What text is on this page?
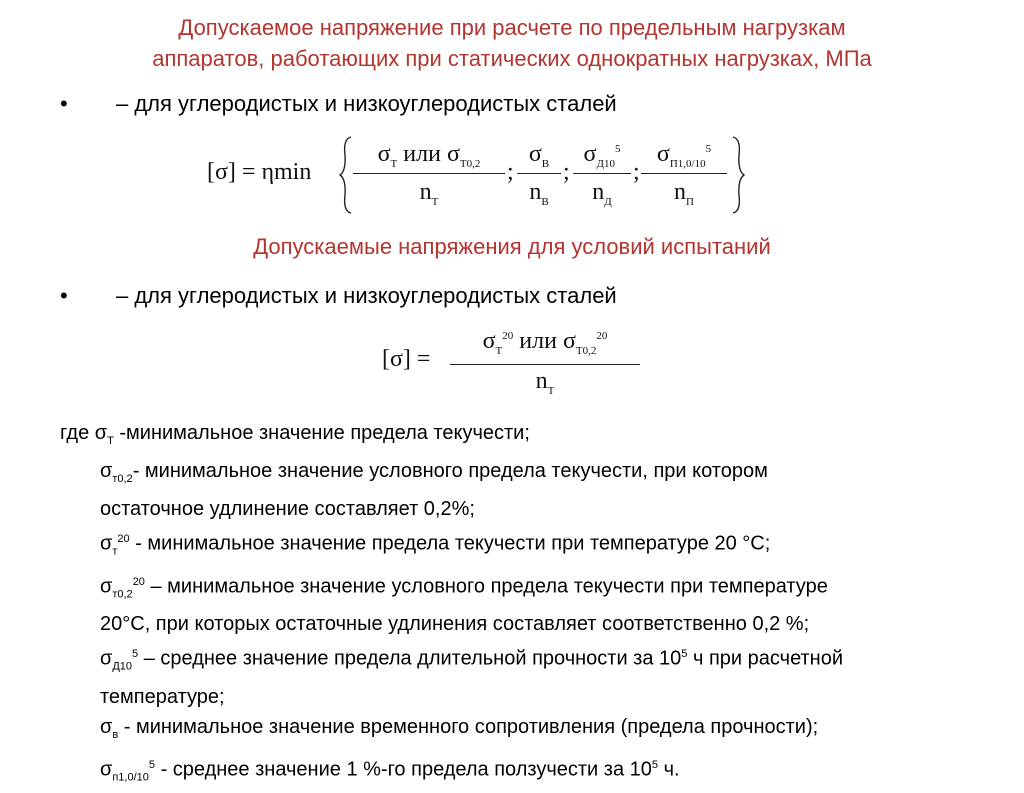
Допускаемое напряжение при расчете по предельным нагрузкам
аппаратов, работающих при статических однократных нагрузках, МПа
• – для углеродистых и низкоуглеродистых сталей
[σ] = ηmin
$\sigma_Т$ или $\sigma_{Т0,2}$
$n_Т$
;
$\sigma_В$
$n_В$
;
$\sigma_{Д10}^5$
$n_Д$
;
$\sigma_{П1,0/10}^5$
$n_П$
Допускаемые напряжения для условий испытаний
• – для углеродистых и низкоуглеродистых сталей
[σ] =
$\sigma_Т^{20}$ или $\sigma_{Т0,2}^{20}$
$n_Т$
где $\sigma_Т$ -минимальное значение предела текучести;
$\sigma_{т0,2}-$ минимальное значение условного предела текучести, при котором
остаточное удлинение составляет 0,2%;
$\sigma_т^{20}$ - минимальное значение предела текучести при температуре 20 °С;
$\sigma_{т0,2}^{20}$ – минимальное значение условного предела текучести при температуре
20°С, при которых остаточные удлинения составляет соответственно 0,2 %;
$\sigma_{Д10}^5$ – среднее значение предела длительной прочности за $10^5$ ч при расчетной
температуре;
$\sigma_в$ - минимальное значение временного сопротивления (предела прочности);
$\sigma_{п1,0/10}^5$ - среднее значение 1 %-го предела ползучести за $10^5$ ч.
